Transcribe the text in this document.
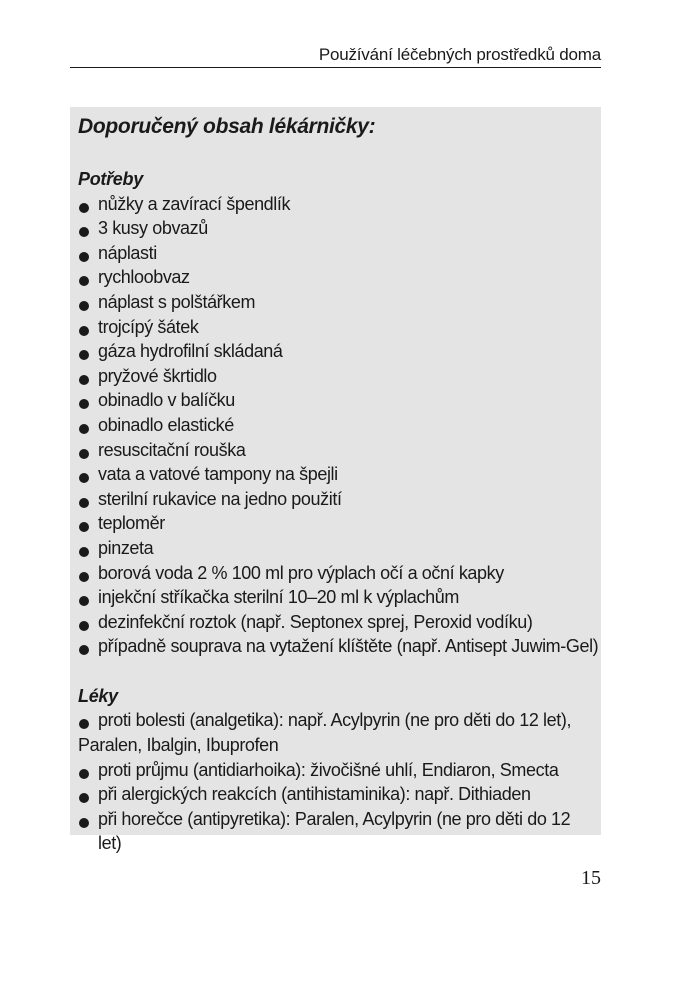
Používání léčebných prostředků doma
Doporučený obsah lékárničky:
Potřeby
nůžky a zavírací špendlík
3 kusy obvazů
náplasti
rychloobvaz
náplast s polštářkem
trojcípý šátek
gáza hydrofilní skládaná
pryžové škrtidlo
obinadlo v balíčku
obinadlo elastické
resuscitační rouška
vata a vatové tampony na špejli
sterilní rukavice na jedno použití
teploměr
pinzeta
borová voda 2 % 100 ml pro výplach očí a oční kapky
injekční stříkačka sterilní 10–20 ml k výplachům
dezinfekční roztok (např. Septonex sprej, Peroxid vodíku)
případně souprava na vytažení klíštěte (např. Antisept Juwim-Gel)
Léky
proti bolesti (analgetika): např. Acylpyrin (ne pro děti do 12 let), Paralen, Ibalgin, Ibuprofen
proti průjmu (antidiarhoika): živočišné uhlí, Endiaron, Smecta
při alergických reakcích (antihistaminika): např. Dithiaden
při horečce (antipyretika): Paralen, Acylpyrin (ne pro děti do 12 let)
15
